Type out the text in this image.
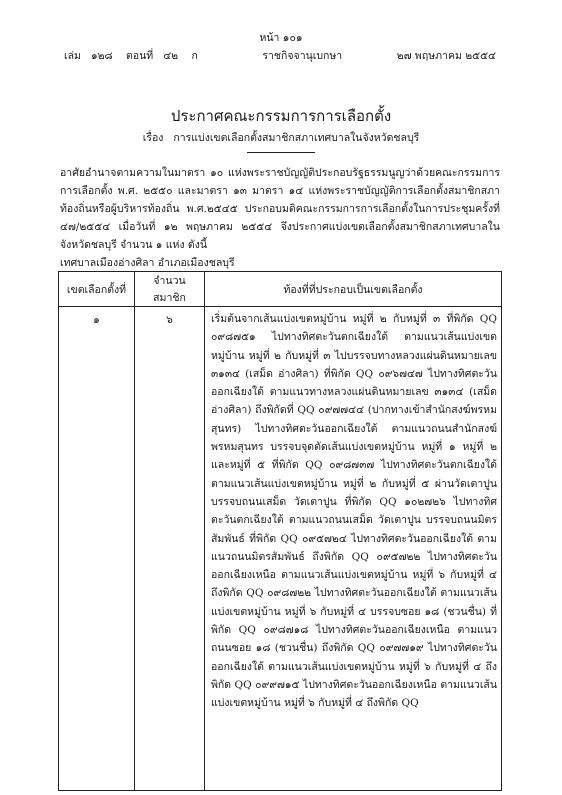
หน้า ๑๐๑
เล่ม ๑๒๘ ตอนที่ ๔๒ ก	ราชกิจจานุเบกษา	๒๗ พฤษภาคม ๒๕๕๔
ประกาศคณะกรรมการการเลือกตั้ง
เรื่อง การแบ่งเขตเลือกตั้งสมาชิกสภาเทศบาลในจังหวัดชลบุรี
อาศัยอำนาจตามความในมาตรา ๑๐ แห่งพระราชบัญญัติประกอบรัฐธรรมนูญว่าด้วยคณะกรรมการการเลือกตั้ง พ.ศ. ๒๕๕๐ และมาตรา ๑๓ มาตรา ๑๔ แห่งพระราชบัญญัติการเลือกตั้งสมาชิกสภาท้องถิ่นหรือผู้บริหารท้องถิ่น พ.ศ.๒๕๔๕ ประกอบมติคณะกรรมการการเลือกตั้งในการประชุมครั้งที่ ๔๗/๒๕๕๔ เมื่อวันที่ ๑๒ พฤษภาคม ๒๕๕๔ จึงประกาศแบ่งเขตเลือกตั้งสมาชิกสภาเทศบาลในจังหวัดชลบุรี จำนวน ๑ แห่ง ดังนี้
เทศบาลเมืองอ่างศิลา อำเภอเมืองชลบุรี
เขตเลือกตั้งที่	จำนวนสมาชิก	ท้องที่ที่ประกอบเป็นเขตเลือกตั้ง
๑	๖	เริ่มต้นจากเส้นแบ่งเขตหมู่บ้าน หมู่ที่ ๒ กับหมู่ที่ ๓ ที่พิกัด QQ ๐๙๘๗๕๑ ไปทางทิศตะวันตกเฉียงใต้ ตามแนวเส้นแบ่งเขตหมู่บ้าน หมู่ที่ ๒ กับหมู่ที่ ๓ ไปบรรจบทางหลวงแผ่นดินหมายเลข ๓๑๓๔ (เสม็ด อ่างศิลา) ที่พิกัด QQ ๐๙๖๗๔๗ ไปทางทิศตะวันออกเฉียงใต้ ตามแนวทางหลวงแผ่นดินหมายเลข ๓๑๓๔ (เสม็ด อ่างศิลา) ถึงพิกัดที่ QQ ๐๙๗๗๔๔ (ปากทางเข้าสำนักสงฆ์พรหมสุนทร) ไปทางทิศตะวันออกเฉียงใต้ ตามแนวถนนสำนักสงฆ์พรหมสุนทร บรรจบจุดตัดเส้นแบ่งเขตหมู่บ้าน หมู่ที่ ๑ หมู่ที่ ๒ และหมู่ที่ ๕ ที่พิกัด QQ ๐๙๘๗๓๗ ไปทางทิศตะวันตกเฉียงใต้ ตามแนวเส้นแบ่งเขตหมู่บ้าน หมู่ที่ ๒ กับหมู่ที่ ๕ ผ่านวัดเตาปูน บรรจบถนนเสม็ด วัดเตาปูน ที่พิกัด QQ ๑๐๒๗๒๖ ไปทางทิศตะวันตกเฉียงใต้ ตามแนวถนนเสม็ด วัดเตาปูน บรรจบถนนมิตรสัมพันธ์ ที่พิกัด QQ ๐๙๕๗๒๔ ไปทางทิศตะวันออกเฉียงใต้ ตามแนวถนนมิตรสัมพันธ์ ถึงพิกัด QQ ๐๙๕๗๒๒ ไปทางทิศตะวันออกเฉียงเหนือ ตามแนวเส้นแบ่งเขตหมู่บ้าน หมู่ที่ ๖ กับหมู่ที่ ๔ ถึงพิกัด QQ ๐๙๘๗๒๒ ไปทางทิศตะวันออกเฉียงใต้ ตามแนวเส้นแบ่งเขตหมู่บ้าน หมู่ที่ ๖ กับหมู่ที่ ๔ บรรจบซอย ๑๘ (ชวนชื่น) ที่พิกัด QQ ๐๙๘๗๑๘ ไปทางทิศตะวันออกเฉียงเหนือ ตามแนวถนนซอย ๑๘ (ชวนชื่น) ถึงพิกัด QQ ๐๙๗๗๑๙ ไปทางทิศตะวันออกเฉียงใต้ ตามแนวเส้นแบ่งเขตหมู่บ้าน หมู่ที่ ๖ กับหมู่ที่ ๔ ถึงพิกัด QQ ๐๙๙๗๑๕ ไปทางทิศตะวันออกเฉียงเหนือ ตามแนวเส้นแบ่งเขตหมู่บ้าน หมู่ที่ ๖ กับหมู่ที่ ๔ ถึงพิกัด QQ
